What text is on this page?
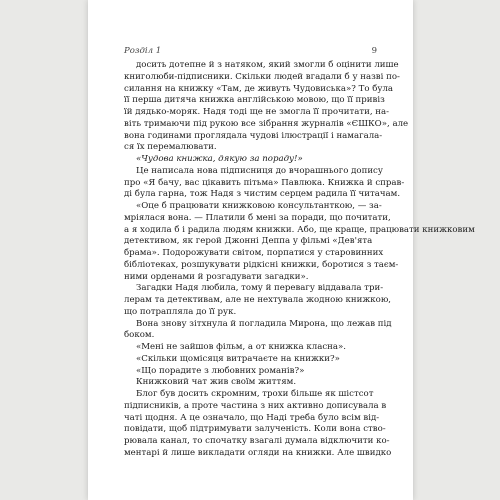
Розділ 1	9
досить дотепне й з натяком, який змогли б оцінити лише
книголюби-підписники. Скільки людей вгадали б у назві по-
силання на книжку «Там, де живуть Чудовиська»? То була
її перша дитяча книжка англійською мовою, що її привіз
їй дядько-моряк. Надя тоді ще не змогла її прочитати, на-
віть тримаючи під рукою все зібрання журналів «ЄШКО», але
вона годинами проглядала чудові ілюстрації і намагала-
ся їх перемалювати.
«Чудова книжка, дякую за пораду!»
Це написала нова підписниця до вчорашнього допису
про «Я бачу, вас цікавить пітьма» Павлюка. Книжка й справ-
ді була гарна, тож Надя з чистим серцем радила її читачам.
«Оце б працювати книжковою консультанткою, — за-
мріялася вона. — Платили б мені за поради, що почитати,
а я ходила б і радила людям книжки. Або, ще краще, працювати книжковим
детективом, як герой Джонні Деппа у фільмі «Дев'ята
брама». Подорожувати світом, порпатися у старовинних
бібліотеках, розшукувати рідкісні книжки, боротися з таєм-
ними орденами й розгадувати загадки».
Загадки Надя любила, тому й перевагу віддавала три-
лерам та детективам, але не нехтувала жодною книжкою,
що потрапляла до її рук.
Вона знову зітхнула й погладила Мирона, що лежав під
боком.
«Мені не зайшов фільм, а от книжка класна».
«Скільки щомісяця витрачаєте на книжки?»
«Що порадите з любовних романів?»
Книжковий чат жив своїм життям.
Блог був досить скромним, трохи більше як шістсот
підписників, а проте частина з них активно дописувала в
чаті щодня. А це означало, що Наді треба було всім від-
повідати, щоб підтримувати залученість. Коли вона ство-
рювала канал, то спочатку взагалі думала відключити ко-
ментарі й лише викладати огляди на книжки. Але швидко
